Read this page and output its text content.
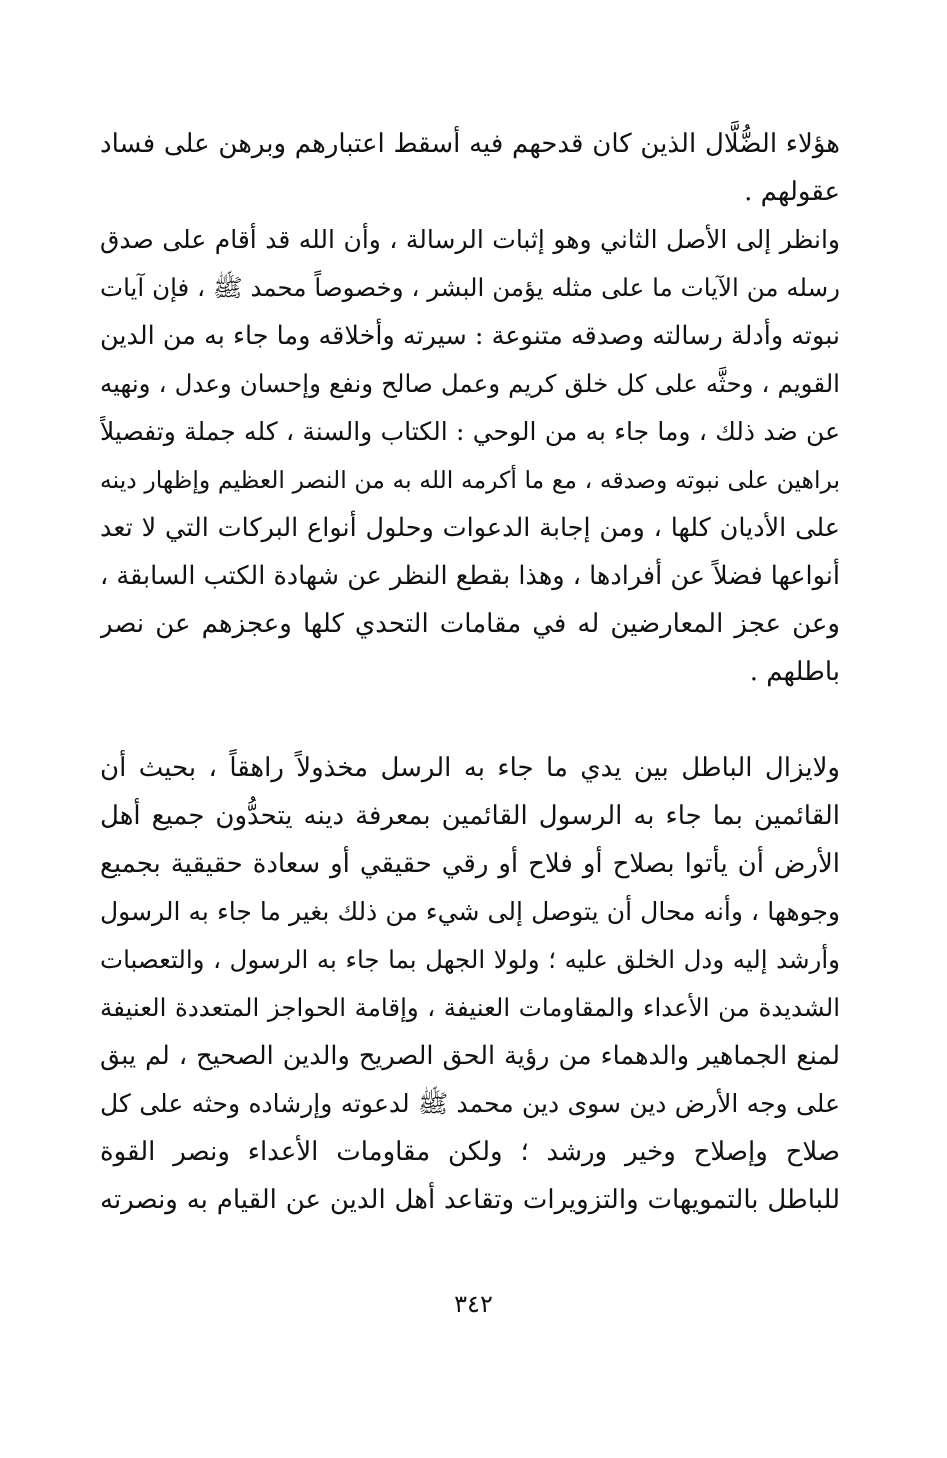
هؤلاء الضُّلَّال الذين كان قدحهم فيه أسقط اعتبارهم وبرهن على فساد
عقولهم .
وانظر إلى الأصل الثاني وهو إثبات الرسالة ، وأن الله قد أقام على صدق
رسله من الآيات ما على مثله يؤمن البشر ، وخصوصاً محمد ﷺ ، فإن آيات
نبوته وأدلة رسالته وصدقه متنوعة : سيرته وأخلاقه وما جاء به من الدين
القويم ، وحثَّه على كل خلق كريم وعمل صالح ونفع وإحسان وعدل ، ونهيه
عن ضد ذلك ، وما جاء به من الوحي : الكتاب والسنة ، كله جملة وتفصيلاً
براهين على نبوته وصدقه ، مع ما أكرمه الله به من النصر العظيم وإظهار دينه
على الأديان كلها ، ومن إجابة الدعوات وحلول أنواع البركات التي لا تعد
أنواعها فضلاً عن أفرادها ، وهذا بقطع النظر عن شهادة الكتب السابقة ،
وعن عجز المعارضين له في مقامات التحدي كلها وعجزهم عن نصر
باطلهم .
ولايزال الباطل بين يدي ما جاء به الرسل مخذولاً راهقاً ، بحيث أن
القائمين بما جاء به الرسول القائمين بمعرفة دينه يتحدُّون جميع أهل
الأرض أن يأتوا بصلاح أو فلاح أو رقي حقيقي أو سعادة حقيقية بجميع
وجوهها ، وأنه محال أن يتوصل إلى شيء من ذلك بغير ما جاء به الرسول
وأرشد إليه ودل الخلق عليه ؛ ولولا الجهل بما جاء به الرسول ، والتعصبات
الشديدة من الأعداء والمقاومات العنيفة ، وإقامة الحواجز المتعددة العنيفة
لمنع الجماهير والدهماء من رؤية الحق الصريح والدين الصحيح ، لم يبق
على وجه الأرض دين سوى دين محمد ﷺ لدعوته وإرشاده وحثه على كل
صلاح وإصلاح وخير ورشد ؛ ولكن مقاومات الأعداء ونصر القوة
للباطل بالتمويهات والتزويرات وتقاعد أهل الدين عن القيام به ونصرته
٣٤٢
